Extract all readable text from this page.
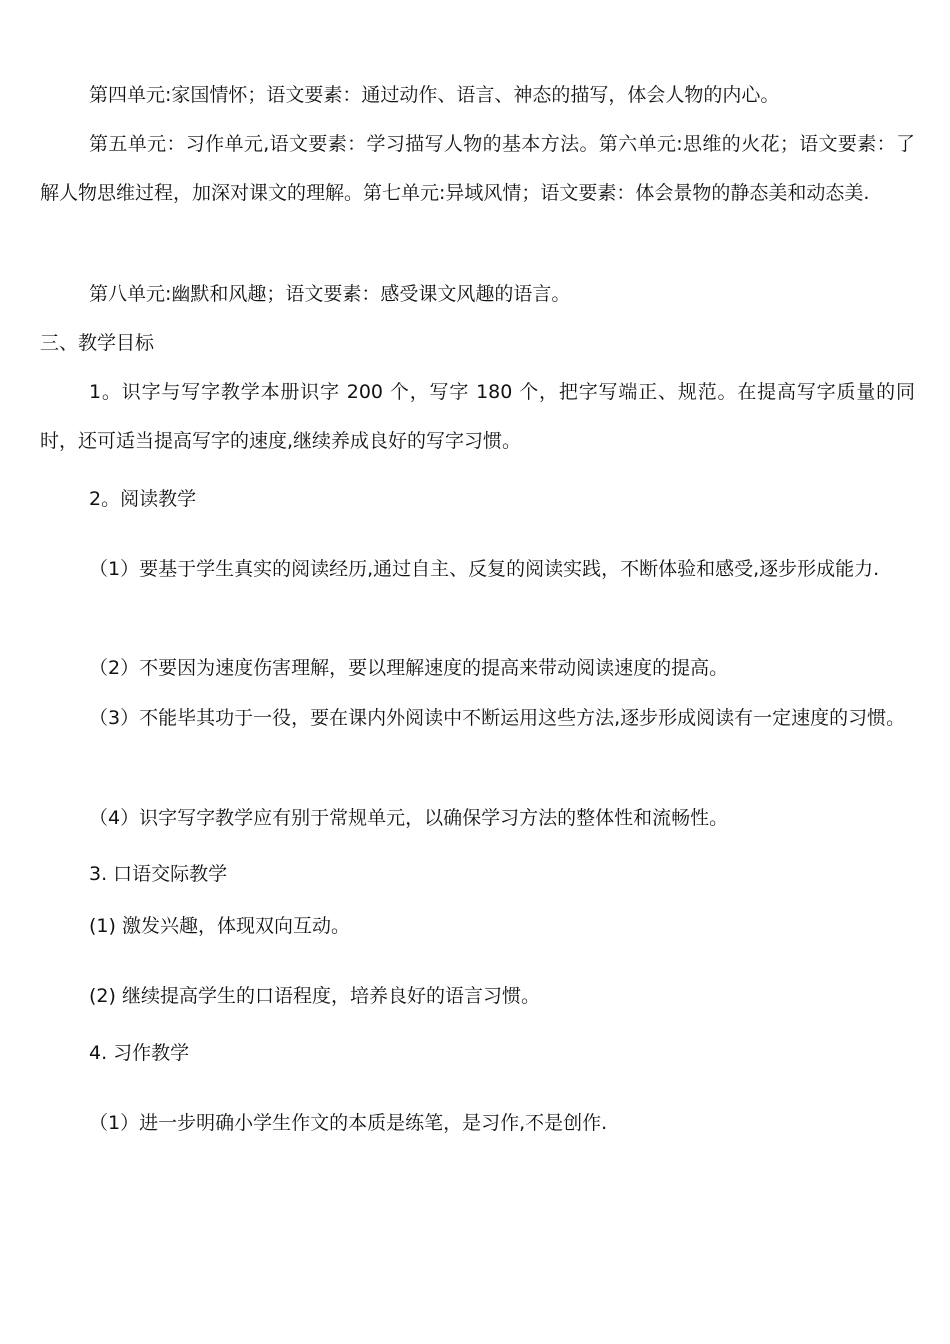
第四单元:家国情怀；语文要素：通过动作、语言、神态的描写，体会人物的内心。

第五单元：习作单元,语文要素：学习描写人物的基本方法。第六单元:思维的火花；语文要素：了解人物思维过程，加深对课文的理解。第七单元:异域风情；语文要素：体会景物的静态美和动态美.

第八单元:幽默和风趣；语文要素：感受课文风趣的语言。

三、教学目标

1。识字与写字教学本册识字 200 个，写字 180 个，把字写端正、规范。在提高写字质量的同时，还可适当提高写字的速度,继续养成良好的写字习惯。

2。阅读教学

（1）要基于学生真实的阅读经历,通过自主、反复的阅读实践，不断体验和感受,逐步形成能力.

（2）不要因为速度伤害理解，要以理解速度的提高来带动阅读速度的提高。

（3）不能毕其功于一役，要在课内外阅读中不断运用这些方法,逐步形成阅读有一定速度的习惯。

（4）识字写字教学应有别于常规单元，以确保学习方法的整体性和流畅性。

3. 口语交际教学

(1) 激发兴趣，体现双向互动。

(2) 继续提高学生的口语程度，培养良好的语言习惯。

4. 习作教学

（1）进一步明确小学生作文的本质是练笔，是习作,不是创作.
